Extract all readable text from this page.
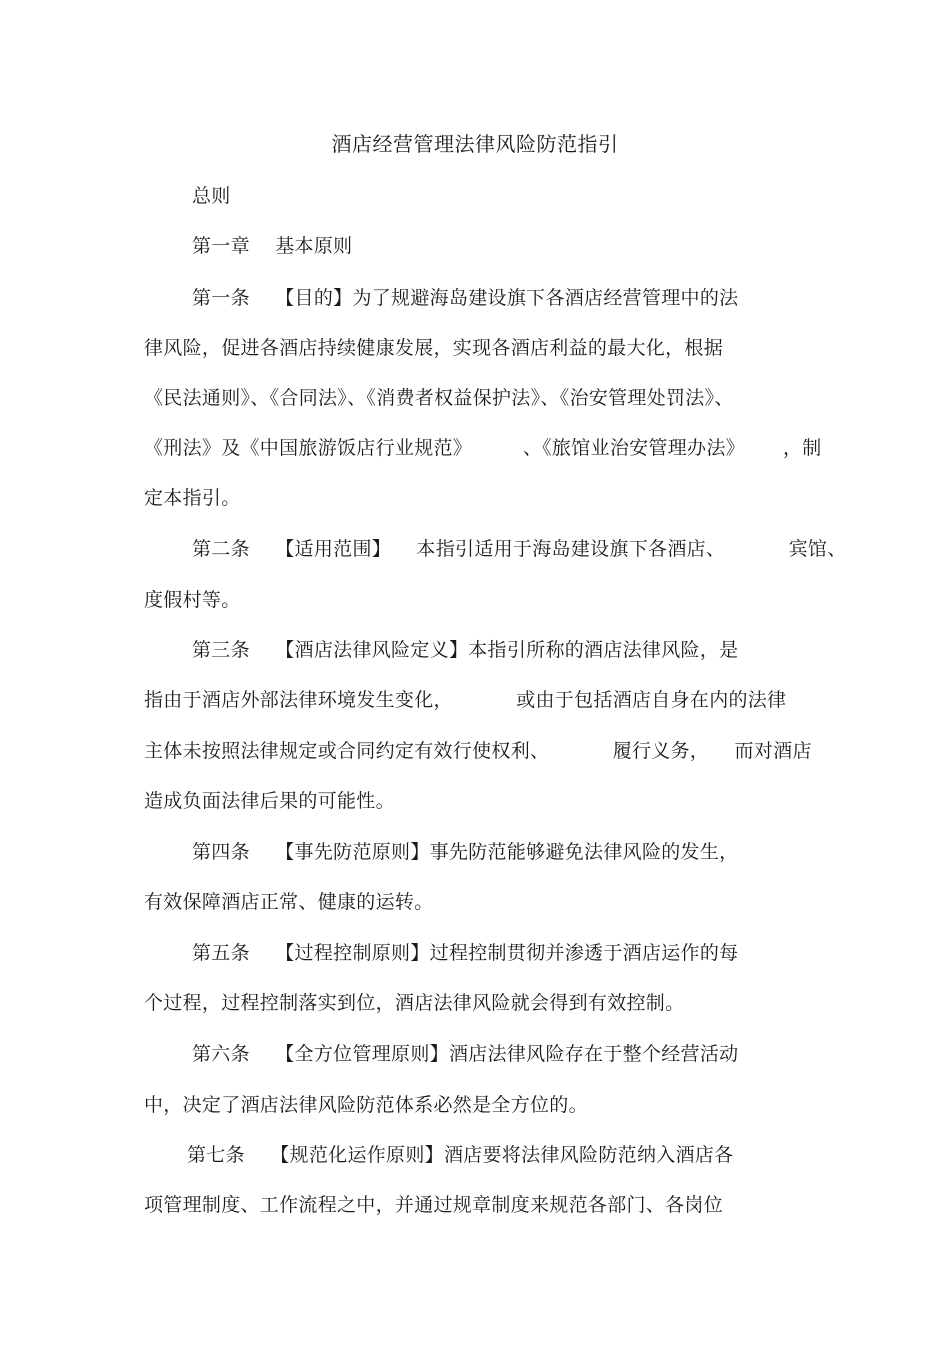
酒店经营管理法律风险防范指引
总则
第一章    基本原则
第一条    【目的】为了规避海岛建设旗下各酒店经营管理中的法
律风险，促进各酒店持续健康发展，实现各酒店利益的最大化，根据
《民法通则》、《合同法》、《消费者权益保护法》、《治安管理处罚法》、
《刑法》及《中国旅游饭店行业规范》        、《旅馆业治安管理办法》      ，制
定本指引。
第二条    【适用范围】    本指引适用于海岛建设旗下各酒店、          宾馆、
度假村等。
第三条    【酒店法律风险定义】本指引所称的酒店法律风险，是
指由于酒店外部法律环境发生变化，          或由于包括酒店自身在内的法律
主体未按照法律规定或合同约定有效行使权利、          履行义务，    而对酒店
造成负面法律后果的可能性。
第四条    【事先防范原则】事先防范能够避免法律风险的发生，
有效保障酒店正常、健康的运转。
第五条    【过程控制原则】过程控制贯彻并渗透于酒店运作的每
个过程，过程控制落实到位，酒店法律风险就会得到有效控制。
第六条    【全方位管理原则】酒店法律风险存在于整个经营活动
中，决定了酒店法律风险防范体系必然是全方位的。
第七条    【规范化运作原则】酒店要将法律风险防范纳入酒店各
项管理制度、工作流程之中，并通过规章制度来规范各部门、各岗位
